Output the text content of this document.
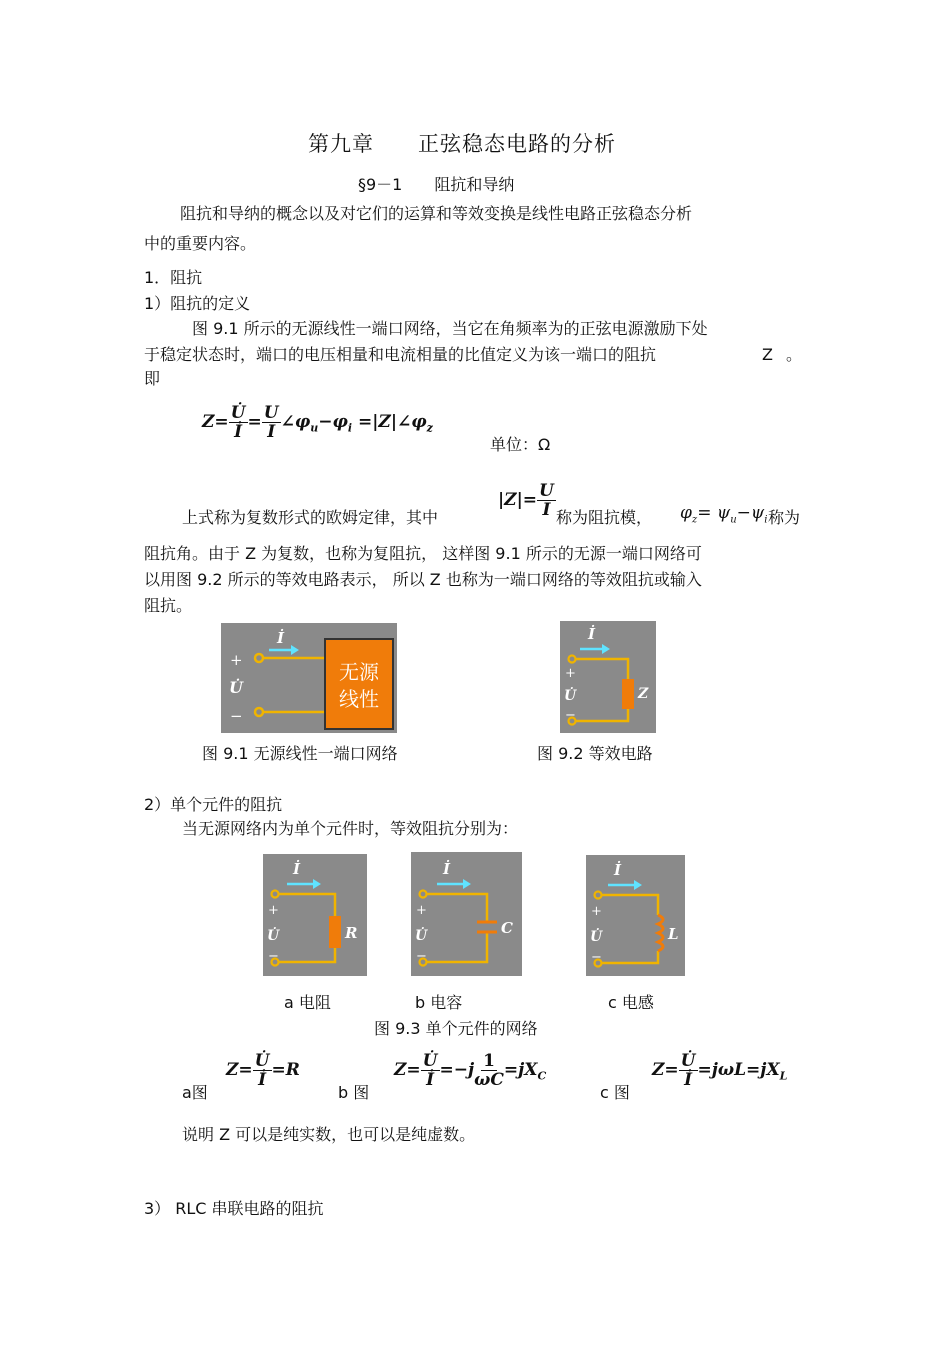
第九章　　正弦稳态电路的分析
§9－1　　阻抗和导纳
阻抗和导纳的概念以及对它们的运算和等效变换是线性电路正弦稳态分析
中的重要内容。
1．阻抗
1）阻抗的定义
图 9.1 所示的无源线性一端口网络，当它在角频率为的正弦电源激励下处
于稳定状态时，端口的电压相量和电流相量的比值定义为该一端口的阻抗	Z 。
即
$Z= \frac{U̇}{İ} = \frac{U}{I}$ $\angle\varphi_u-\varphi_i$ $=|Z|\angle\varphi_z$
单位：Ω
上式称为复数形式的欧姆定律，其中
$|Z|= \frac{U}{I}$ 称为阻抗模， $\varphi_z= \psi_u-\psi_i$ 称为
阻抗角。由于 Z 为复数，也称为复阻抗， 这样图 9.1 所示的无源一端口网络可
以用图 9.2 所示的等效电路表示， 所以 Z 也称为一端口网络的等效阻抗或输入
阻抗。
İ
+
U̇
−
无源
线性
İ
+
U̇
−
Z
图 9.1 无源线性一端口网络	图 9.2 等效电路
2）单个元件的阻抗
当无源网络内为单个元件时，等效阻抗分别为：
İ
+
U̇
−
R
İ
+
U̇
−
C
İ
+
U̇
−
L
a 电阻	b 电容	c 电感
图 9.3 单个元件的网络
a图
$Z= \frac{U̇}{İ} =R$
b 图
$Z= \frac{U̇}{İ} =-j \frac{1}{\omega C} =jX_C$
c 图
$Z= \frac{U̇}{İ} =j\omega L=jX_L$
说明 Z 可以是纯实数，也可以是纯虚数。
3） RLC 串联电路的阻抗
